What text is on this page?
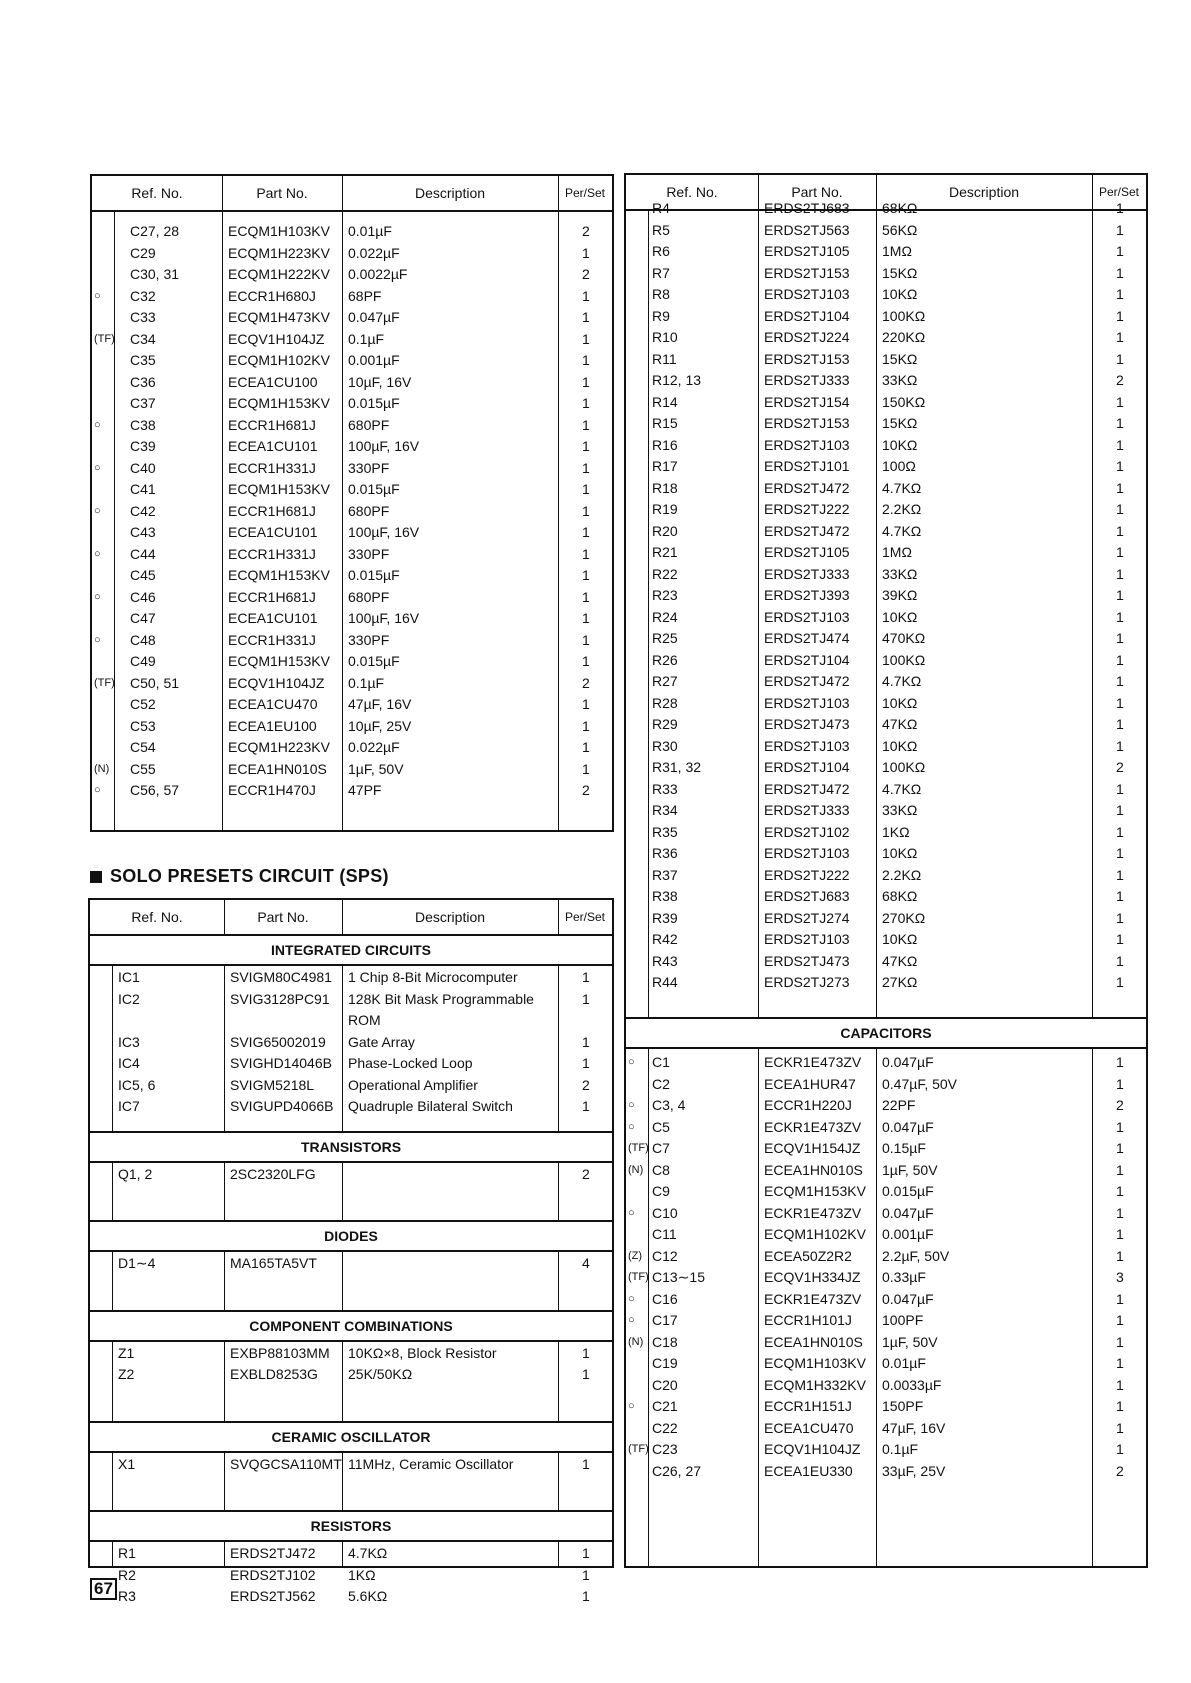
Ref. No.	Part No.	Description	Per/Set
C27, 28	ECQM1H103KV 0.01µF	2
C29	ECQM1H223KV 0.022µF	1
C30, 31	ECQM1H222KV 0.0022µF	2
○	C32	ECCR1H680J 68PF	1
C33	ECQM1H473KV 0.047µF	1
(TF) C34	ECQV1H104JZ 0.1µF	1
C35	ECQM1H102KV 0.001µF	1
C36	ECEA1CU100 10µF, 16V	1
C37	ECQM1H153KV 0.015µF	1
○	C38	ECCR1H681J 680PF	1
C39	ECEA1CU101 100µF, 16V	1
○	C40	ECCR1H331J 330PF	1
C41	ECQM1H153KV 0.015µF	1
○	C42	ECCR1H681J 680PF	1
C43	ECEA1CU101 100µF, 16V	1
○	C44	ECCR1H331J 330PF	1
C45	ECQM1H153KV 0.015µF	1
○	C46	ECCR1H681J 680PF	1
C47	ECEA1CU101 100µF, 16V	1
○	C48	ECCR1H331J 330PF	1
C49	ECQM1H153KV 0.015µF	1
(TF) C50, 51	ECQV1H104JZ 0.1µF	2
C52	ECEA1CU470 47µF, 16V	1
C53	ECEA1EU100 10µF, 25V	1
C54	ECQM1H223KV 0.022µF	1
(N) C55	ECEA1HN010S 1µF, 50V	1
○	C56, 57	ECCR1H470J 47PF	2
SOLO PRESETS CIRCUIT (SPS)
Ref. No.	Part No.	Description	Per/Set
INTEGRATED CIRCUITS
IC1	SVIGM80C4981 1 Chip 8-Bit Microcomputer	1
IC2	SVIG3128PC91 128K Bit Mask Programmable	1
ROM
IC3	SVIG65002019 Gate Array	1
IC4	SVIGHD14046B Phase-Locked Loop	1
IC5, 6	SVIGM5218L Operational Amplifier	2
IC7	SVIGUPD4066B Quadruple Bilateral Switch	1
TRANSISTORS
Q1, 2	2SC2320LFG	2
DIODES
D1∼4	MA165TA5VT	4
COMPONENT COMBINATIONS
Z1	EXBP88103MM 10KΩ×8, Block Resistor	1
Z2	EXBLD8253G 25K/50KΩ	1
CERAMIC OSCILLATOR
X1	SVQGCSA110MT 11MHz, Ceramic Oscillator	1
RESISTORS
R1	ERDS2TJ472 4.7KΩ	1
R2	ERDS2TJ102 1KΩ	1
R3	ERDS2TJ562 5.6KΩ	1
Ref. No.	Part No.	Description	Per/Set
R4	ERDS2TJ683 68KΩ	1
R5	ERDS2TJ563 56KΩ	1
R6	ERDS2TJ105 1MΩ	1
R7	ERDS2TJ153 15KΩ	1
R8	ERDS2TJ103 10KΩ	1
R9	ERDS2TJ104 100KΩ	1
R10	ERDS2TJ224 220KΩ	1
R11	ERDS2TJ153 15KΩ	1
R12, 13	ERDS2TJ333 33KΩ	2
R14	ERDS2TJ154 150KΩ	1
R15	ERDS2TJ153 15KΩ	1
R16	ERDS2TJ103 10KΩ	1
R17	ERDS2TJ101 100Ω	1
R18	ERDS2TJ472 4.7KΩ	1
R19	ERDS2TJ222 2.2KΩ	1
R20	ERDS2TJ472 4.7KΩ	1
R21	ERDS2TJ105 1MΩ	1
R22	ERDS2TJ333 33KΩ	1
R23	ERDS2TJ393 39KΩ	1
R24	ERDS2TJ103 10KΩ	1
R25	ERDS2TJ474 470KΩ	1
R26	ERDS2TJ104 100KΩ	1
R27	ERDS2TJ472 4.7KΩ	1
R28	ERDS2TJ103 10KΩ	1
R29	ERDS2TJ473 47KΩ	1
R30	ERDS2TJ103 10KΩ	1
R31, 32	ERDS2TJ104 100KΩ	2
R33	ERDS2TJ472 4.7KΩ	1
R34	ERDS2TJ333 33KΩ	1
R35	ERDS2TJ102 1KΩ	1
R36	ERDS2TJ103 10KΩ	1
R37	ERDS2TJ222 2.2KΩ	1
R38	ERDS2TJ683 68KΩ	1
R39	ERDS2TJ274 270KΩ	1
R42	ERDS2TJ103 10KΩ	1
R43	ERDS2TJ473 47KΩ	1
R44	ERDS2TJ273 27KΩ	1
CAPACITORS
○	C1	ECKR1E473ZV 0.047µF	1
C2	ECEA1HUR47 0.47µF, 50V	1
○	C3, 4	ECCR1H220J 22PF	2
○	C5	ECKR1E473ZV 0.047µF	1
(TF) C7	ECQV1H154JZ 0.15µF	1
(N) C8	ECEA1HN010S 1µF, 50V	1
C9	ECQM1H153KV 0.015µF	1
○	C10	ECKR1E473ZV 0.047µF	1
C11	ECQM1H102KV 0.001µF	1
(Z) C12	ECEA50Z2R2 2.2µF, 50V	1
(TF) C13∼15	ECQV1H334JZ 0.33µF	3
○	C16	ECKR1E473ZV 0.047µF	1
○	C17	ECCR1H101J 100PF	1
(N) C18	ECEA1HN010S 1µF, 50V	1
C19	ECQM1H103KV 0.01µF	1
C20	ECQM1H332KV 0.0033µF	1
○	C21	ECCR1H151J 150PF	1
C22	ECEA1CU470 47µF, 16V	1
(TF) C23	ECQV1H104JZ 0.1µF	1
C26, 27	ECEA1EU330 33µF, 25V	2
67
